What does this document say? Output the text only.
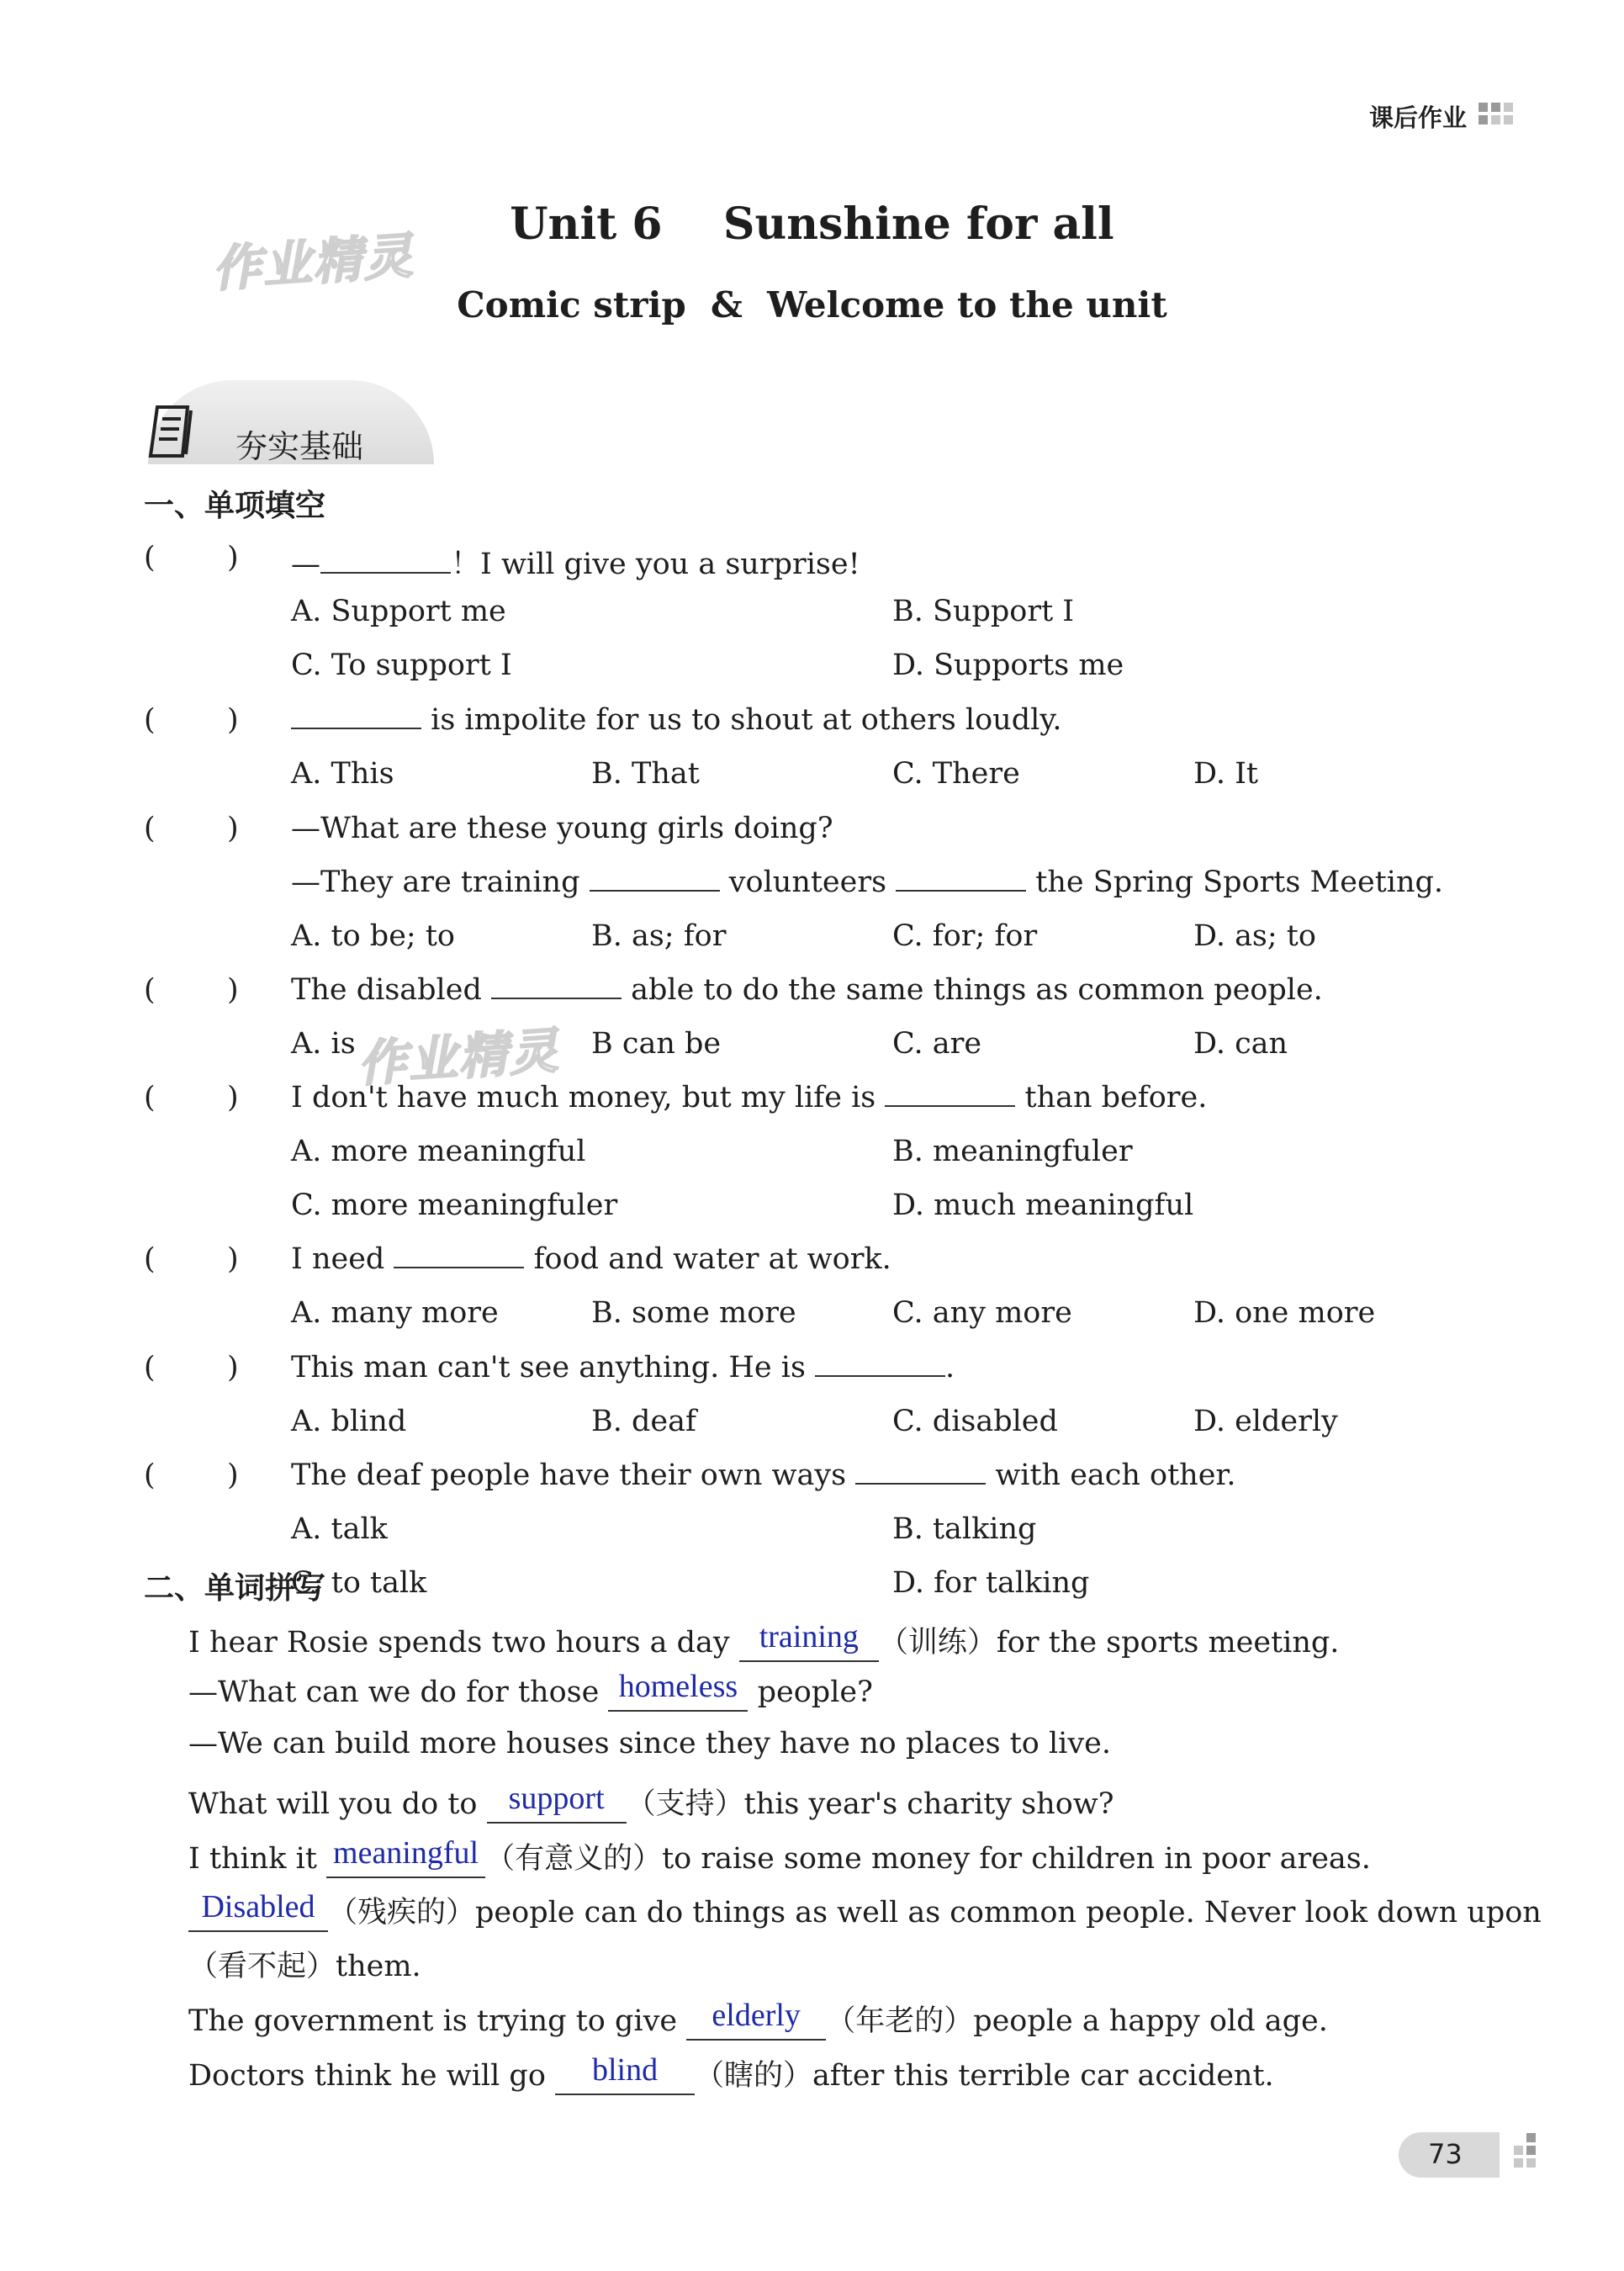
课后作业
作业精灵
作业精灵
Unit 6    Sunshine for all
Comic strip  &  Welcome to the unit
夯实基础
一、单项填空
( ) —	！I will give you a surprise!
A. Support me	B. Support I
C. To support I	D. Supports me
( )	is impolite for us to shout at others loudly.
A. This	B. That	C. There	D. It
( ) —What are these young girls doing?
—They are training	volunteers	the Spring Sports Meeting.
A. to be; to	B. as; for	C. for; for	D. as; to
( ) The disabled	able to do the same things as common people.
A. is	B can be	C. are	D. can
( ) I don't have much money, but my life is	than before.
A. more meaningful	B. meaningfuler
C. more meaningfuler	D. much meaningful
( ) I need	food and water at work.
A. many more	B. some more	C. any more	D. one more
( ) This man can't see anything. He is	.
A. blind	B. deaf	C. disabled	D. elderly
( ) The deaf people have their own ways	with each other.
A. talk	B. talking
C. to talk	D. for talking
二、单词拼写
I hear Rosie spends two hours a day training （训练）for the sports meeting.
—What can we do for those homeless people?
—We can build more houses since they have no places to live.
What will you do to support （支持）this year's charity show?
I think it meaningful （有意义的）to raise some money for children in poor areas.
Disabled （残疾的）people can do things as well as common people. Never look down upon
（看不起）them.
The government is trying to give elderly （年老的）people a happy old age.
Doctors think he will go blind （瞎的）after this terrible car accident.
73
